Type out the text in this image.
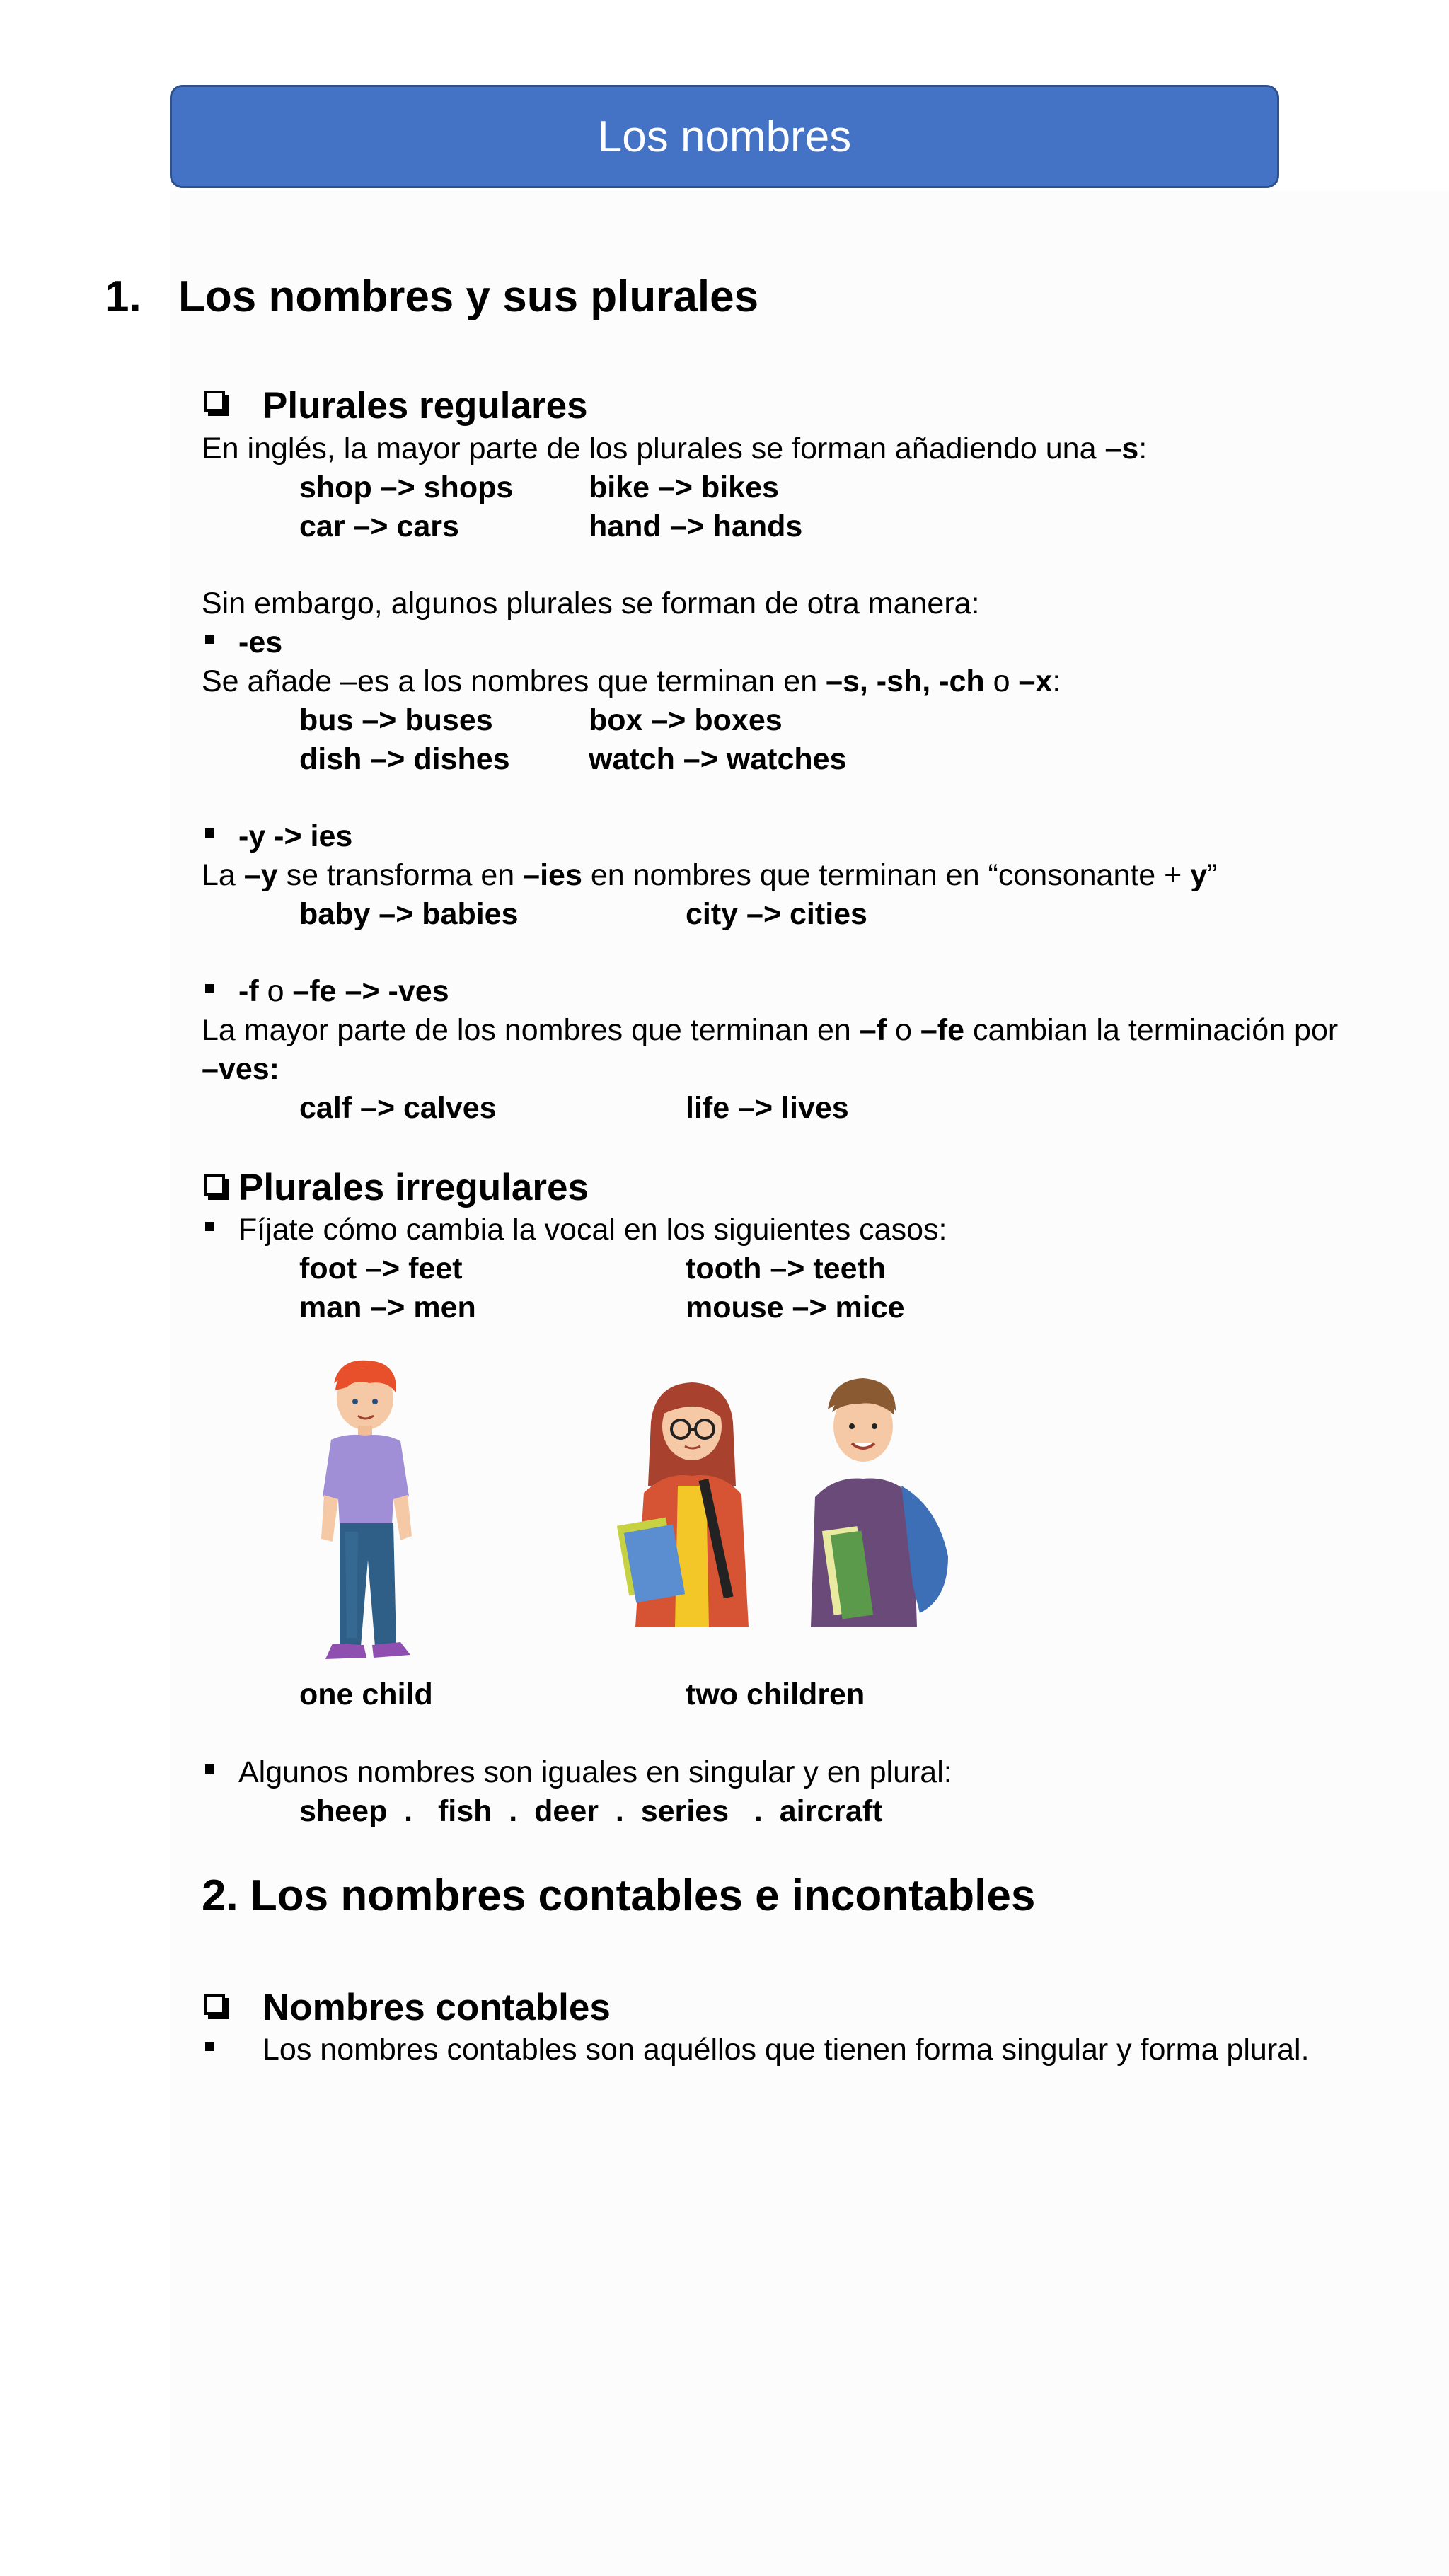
Los nombres
1. Los nombres y sus plurales
Plurales regulares
En inglés, la mayor parte de los plurales se forman añadiendo una –s:
shop –> shops bike –> bikes
car –> cars	hand –> hands
Sin embargo, algunos plurales se forman de otra manera:
-es
Se añade –es a los nombres que terminan en –s, -sh, -ch o –x:
bus –> buses	box –> boxes
dish –> dishes	watch –> watches
-y -> ies
La –y se transforma en –ies en nombres que terminan en “consonante + y”
baby –> babies	city –> cities
-f o –fe –> -ves
La mayor parte de los nombres que terminan en –f o –fe cambian la terminación por
–ves:
calf –> calves	life –> lives
Plurales irregulares
Fíjate cómo cambia la vocal en los siguientes casos:
foot –> feet	tooth –> teeth
man –> men	mouse –> mice
one child	two children
Algunos nombres son iguales en singular y en plural:
sheep  .   fish  .  deer  .  series   .  aircraft
2. Los nombres contables e incontables
Nombres contables
Los nombres contables son aquéllos que tienen forma singular y forma plural.
